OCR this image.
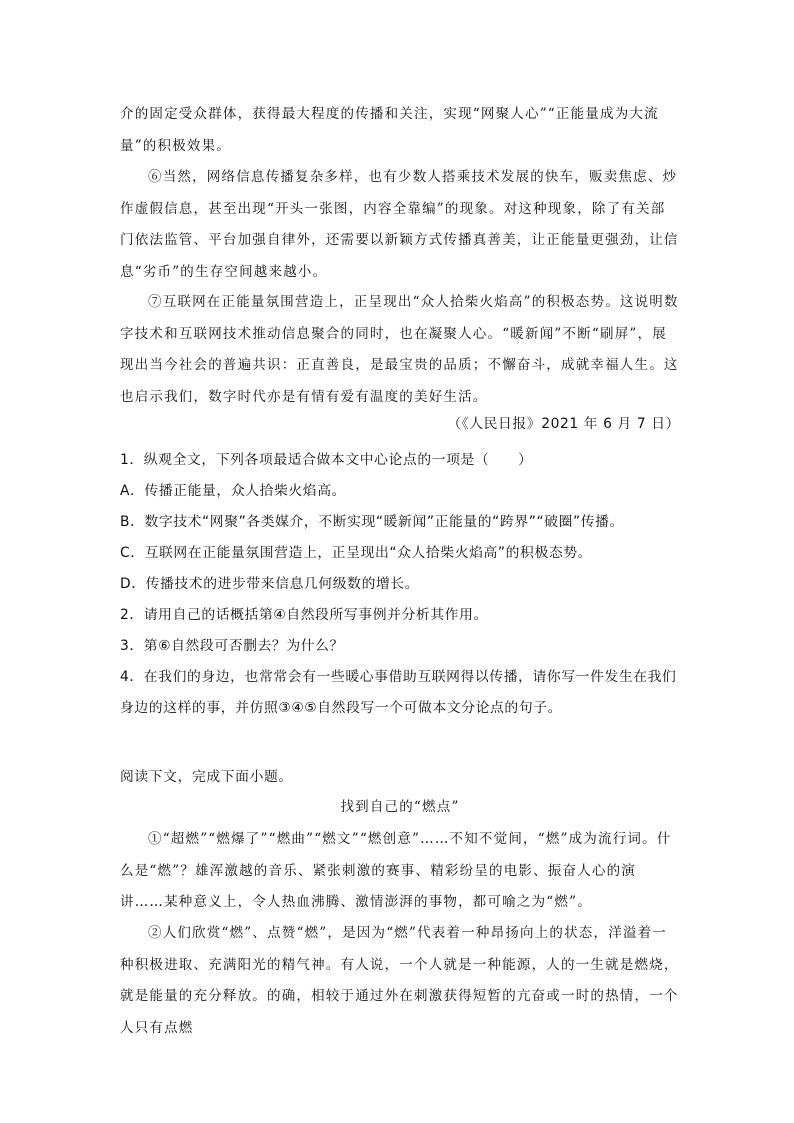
介的固定受众群体，获得最大程度的传播和关注，实现“网聚人心”“正能量成为大流量”的积极效果。

⑥当然，网络信息传播复杂多样，也有少数人搭乘技术发展的快车，贩卖焦虑、炒作虚假信息，甚至出现“开头一张图，内容全靠编”的现象。对这种现象，除了有关部门依法监管、平台加强自律外，还需要以新颖方式传播真善美，让正能量更强劲，让信息“劣币”的生存空间越来越小。

⑦互联网在正能量氛围营造上，正呈现出“众人拾柴火焰高”的积极态势。这说明数字技术和互联网技术推动信息聚合的同时，也在凝聚人心。“暖新闻”不断“刷屏”，展现出当今社会的普遍共识：正直善良，是最宝贵的品质；不懈奋斗，成就幸福人生。这也启示我们，数字时代亦是有情有爱有温度的美好生活。

（《人民日报》2021 年 6 月 7 日）

1．纵观全文，下列各项最适合做本文中心论点的一项是（　　）

A．传播正能量，众人拾柴火焰高。

B．数字技术“网聚”各类媒介，不断实现“暖新闻”正能量的“跨界”“破圈”传播。

C．互联网在正能量氛围营造上，正呈现出“众人拾柴火焰高”的积极态势。

D．传播技术的进步带来信息几何级数的增长。

2．请用自己的话概括第④自然段所写事例并分析其作用。

3．第⑥自然段可否删去？为什么？

4．在我们的身边，也常常会有一些暖心事借助互联网得以传播，请你写一件发生在我们身边的这样的事，并仿照③④⑤自然段写一个可做本文分论点的句子。

阅读下文，完成下面小题。

找到自己的“燃点”

①“超燃”“燃爆了”“燃曲”“燃文”“燃创意”……不知不觉间，“燃”成为流行词。什么是“燃”？雄浑激越的音乐、紧张刺激的赛事、精彩纷呈的电影、振奋人心的演讲……某种意义上，令人热血沸腾、激情澎湃的事物，都可喻之为“燃”。

②人们欣赏“燃”、点赞“燃”，是因为“燃”代表着一种昂扬向上的状态，洋溢着一种积极进取、充满阳光的精气神。有人说，一个人就是一种能源，人的一生就是燃烧，就是能量的充分释放。的确，相较于通过外在刺激获得短暂的亢奋或一时的热情，一个人只有点燃
